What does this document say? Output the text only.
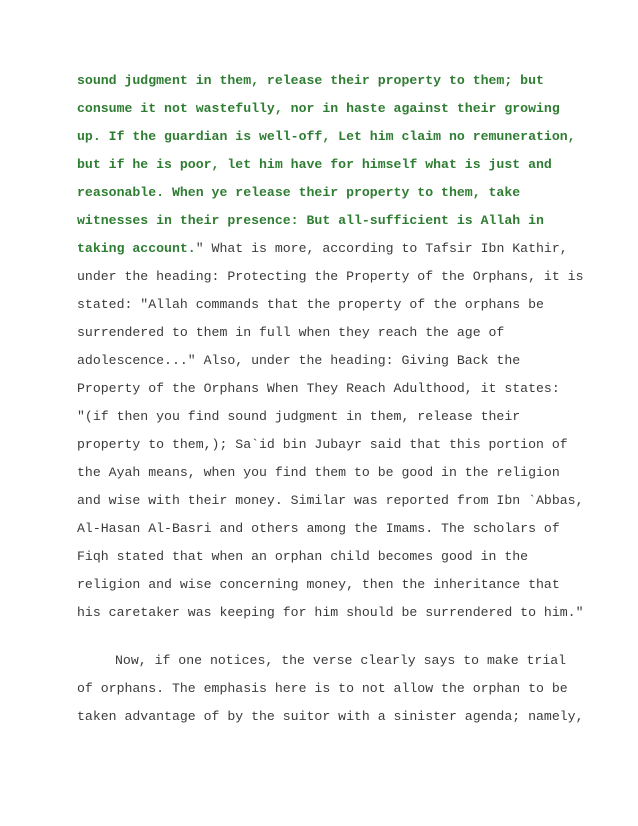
sound judgment in them, release their property to them; but
consume it not wastefully, nor in haste against their growing
up. If the guardian is well-off, Let him claim no remuneration,
but if he is poor, let him have for himself what is just and
reasonable. When ye release their property to them, take
witnesses in their presence: But all-sufficient is Allah in
taking account." What is more, according to Tafsir Ibn Kathir,
under the heading: Protecting the Property of the Orphans, it is
stated: "Allah commands that the property of the orphans be
surrendered to them in full when they reach the age of
adolescence..." Also, under the heading: Giving Back the
Property of the Orphans When They Reach Adulthood, it states:
"(if then you find sound judgment in them, release their
property to them,); Sa`id bin Jubayr said that this portion of
the Ayah means, when you find them to be good in the religion
and wise with their money. Similar was reported from Ibn `Abbas,
Al-Hasan Al-Basri and others among the Imams. The scholars of
Fiqh stated that when an orphan child becomes good in the
religion and wise concerning money, then the inheritance that
his caretaker was keeping for him should be surrendered to him."
Now, if one notices, the verse clearly says to make trial
of orphans. The emphasis here is to not allow the orphan to be
taken advantage of by the suitor with a sinister agenda; namely,
